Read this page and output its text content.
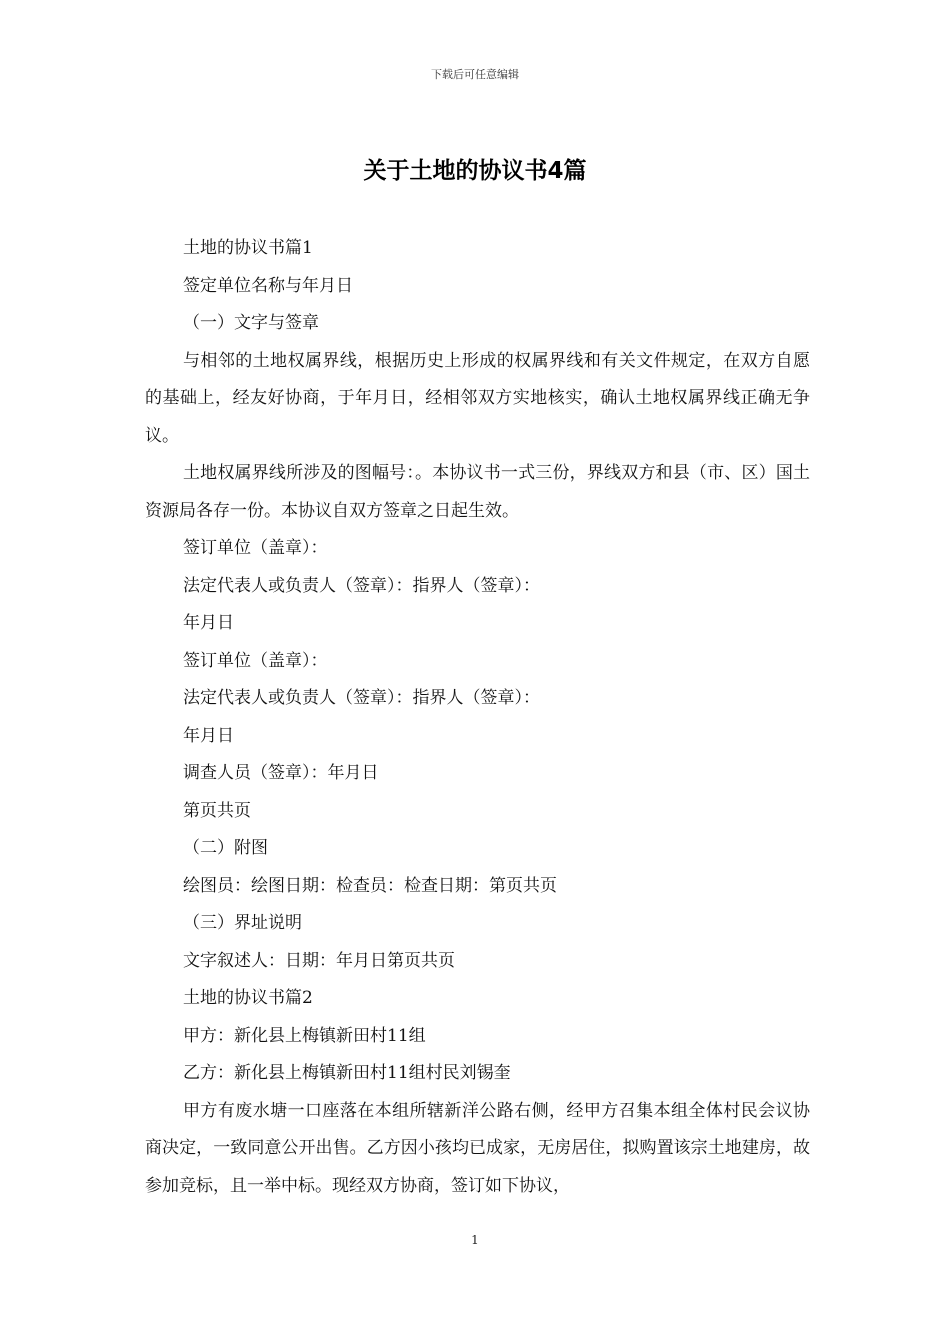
下载后可任意编辑
关于土地的协议书4篇

土地的协议书篇1

签定单位名称与年月日

（一）文字与签章

与相邻的土地权属界线，根据历史上形成的权属界线和有关文件规定，在双方自愿的基础上，经友好协商，于年月日，经相邻双方实地核实，确认土地权属界线正确无争议。

土地权属界线所涉及的图幅号：。本协议书一式三份，界线双方和县（市、区）国土资源局各存一份。本协议自双方签章之日起生效。

签订单位（盖章）：

法定代表人或负责人（签章）：指界人（签章）：

年月日

签订单位（盖章）：

法定代表人或负责人（签章）：指界人（签章）：

年月日

调查人员（签章）：年月日

第页共页

（二）附图

绘图员：绘图日期：检查员：检查日期：第页共页

（三）界址说明

文字叙述人：日期：年月日第页共页

土地的协议书篇2

甲方：新化县上梅镇新田村11组

乙方：新化县上梅镇新田村11组村民刘锡奎

甲方有废水塘一口座落在本组所辖新洋公路右侧，经甲方召集本组全体村民会议协商决定，一致同意公开出售。乙方因小孩均已成家，无房居住，拟购置该宗土地建房，故参加竞标，且一举中标。现经双方协商，签订如下协议，

1
